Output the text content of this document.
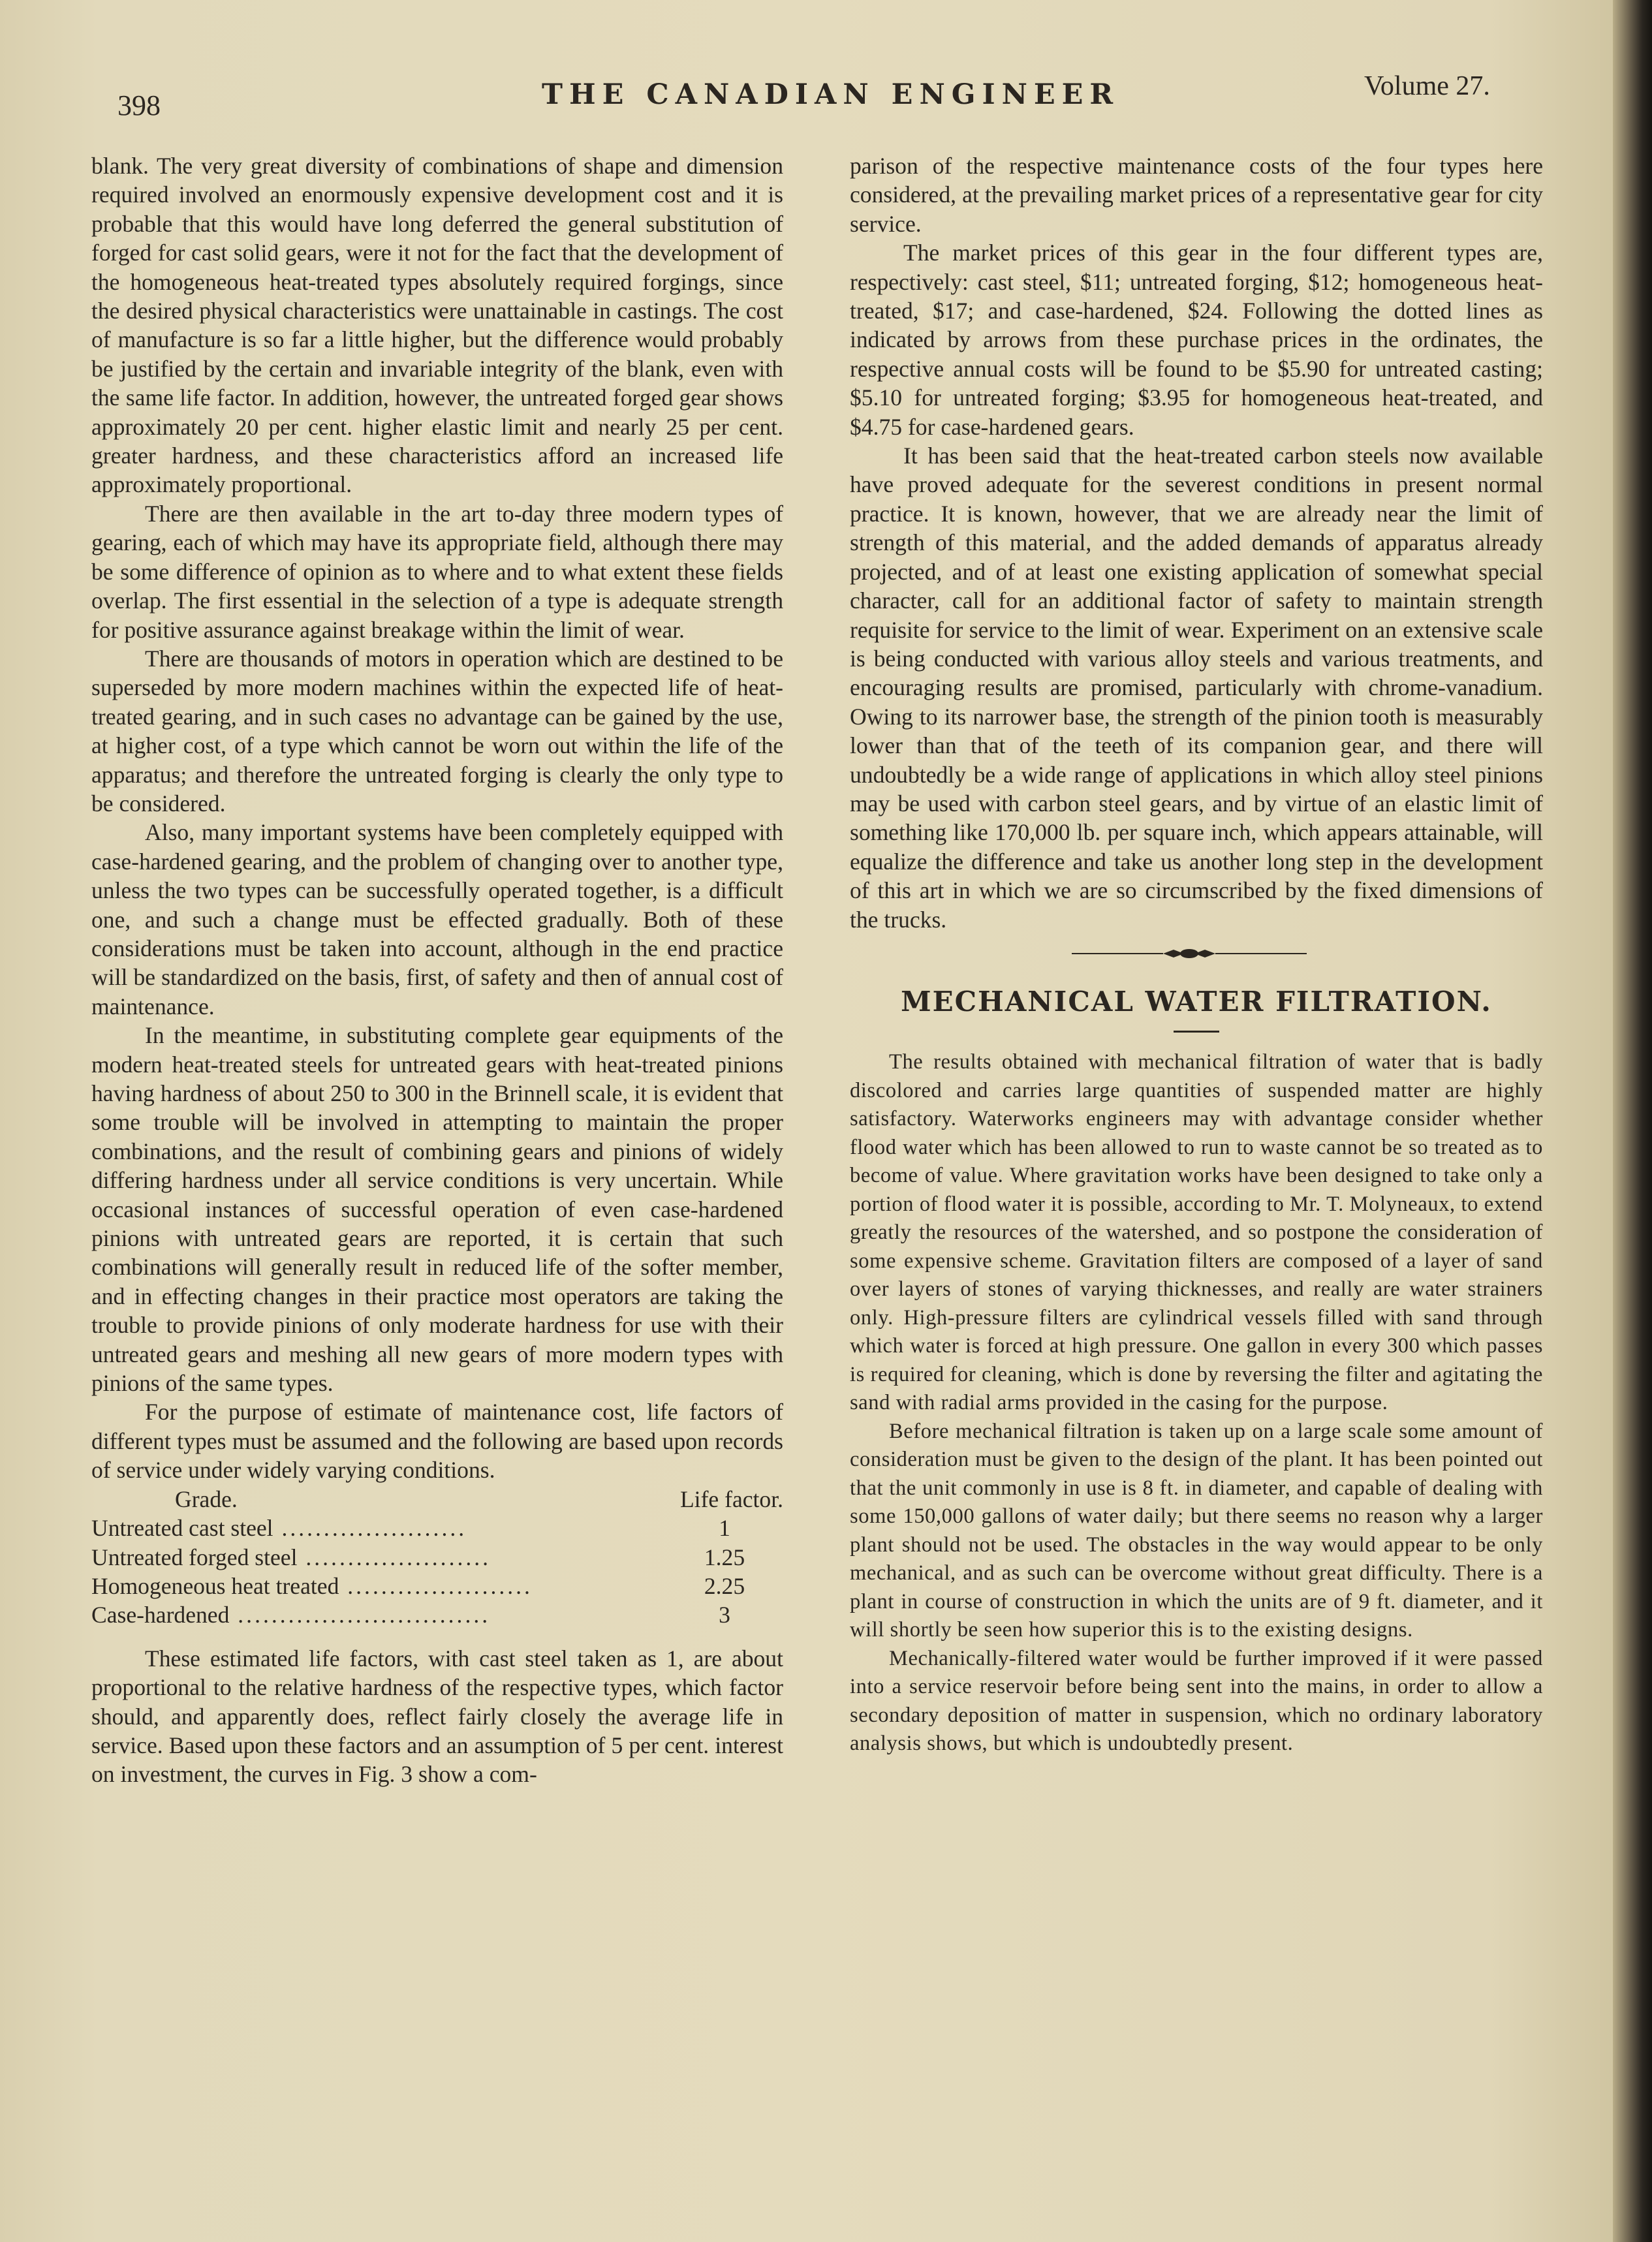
398	THE CANADIAN ENGINEER	Volume 27.

blank. The very great diversity of combinations of shape and dimension required involved an enormously expensive development cost and it is probable that this would have long deferred the general substitution of forged for cast solid gears, were it not for the fact that the development of the homogeneous heat-treated types absolutely required forgings, since the desired physical characteristics were unattainable in castings. The cost of manufacture is so far a little higher, but the difference would probably be justified by the certain and invariable integrity of the blank, even with the same life factor. In addition, however, the untreated forged gear shows approximately 20 per cent. higher elastic limit and nearly 25 per cent. greater hardness, and these characteristics afford an increased life approximately proportional.

There are then available in the art to-day three modern types of gearing, each of which may have its appropriate field, although there may be some difference of opinion as to where and to what extent these fields overlap. The first essential in the selection of a type is adequate strength for positive assurance against breakage within the limit of wear.

There are thousands of motors in operation which are destined to be superseded by more modern machines within the expected life of heat-treated gearing, and in such cases no advantage can be gained by the use, at higher cost, of a type which cannot be worn out within the life of the apparatus; and therefore the untreated forging is clearly the only type to be considered.

Also, many important systems have been completely equipped with case-hardened gearing, and the problem of changing over to another type, unless the two types can be successfully operated together, is a difficult one, and such a change must be effected gradually. Both of these considerations must be taken into account, although in the end practice will be standardized on the basis, first, of safety and then of annual cost of maintenance.

In the meantime, in substituting complete gear equipments of the modern heat-treated steels for untreated gears with heat-treated pinions having hardness of about 250 to 300 in the Brinnell scale, it is evident that some trouble will be involved in attempting to maintain the proper combinations, and the result of combining gears and pinions of widely differing hardness under all service conditions is very uncertain. While occasional instances of successful operation of even case-hardened pinions with untreated gears are reported, it is certain that such combinations will generally result in reduced life of the softer member, and in effecting changes in their practice most operators are taking the trouble to provide pinions of only moderate hardness for use with their untreated gears and meshing all new gears of more modern types with pinions of the same types.

For the purpose of estimate of maintenance cost, life factors of different types must be assumed and the following are based upon records of service under widely varying conditions.

Grade.	Life factor.
Untreated cast steel ......................	1
Untreated forged steel ......................	1.25
Homogeneous heat treated ......................	2.25
Case-hardened ..............................	3

These estimated life factors, with cast steel taken as 1, are about proportional to the relative hardness of the respective types, which factor should, and apparently does, reflect fairly closely the average life in service. Based upon these factors and an assumption of 5 per cent. interest on investment, the curves in Fig. 3 show a com-

parison of the respective maintenance costs of the four types here considered, at the prevailing market prices of a representative gear for city service.

The market prices of this gear in the four different types are, respectively: cast steel, $11; untreated forging, $12; homogeneous heat-treated, $17; and case-hardened, $24. Following the dotted lines as indicated by arrows from these purchase prices in the ordinates, the respective annual costs will be found to be $5.90 for untreated casting; $5.10 for untreated forging; $3.95 for homogeneous heat-treated, and $4.75 for case-hardened gears.

It has been said that the heat-treated carbon steels now available have proved adequate for the severest conditions in present normal practice. It is known, however, that we are already near the limit of strength of this material, and the added demands of apparatus already projected, and of at least one existing application of somewhat special character, call for an additional factor of safety to maintain strength requisite for service to the limit of wear. Experiment on an extensive scale is being conducted with various alloy steels and various treatments, and encouraging results are promised, particularly with chrome-vanadium. Owing to its narrower base, the strength of the pinion tooth is measurably lower than that of the teeth of its companion gear, and there will undoubtedly be a wide range of applications in which alloy steel pinions may be used with carbon steel gears, and by virtue of an elastic limit of something like 170,000 lb. per square inch, which appears attainable, will equalize the difference and take us another long step in the development of this art in which we are so circumscribed by the fixed dimensions of the trucks.

MECHANICAL WATER FILTRATION.

The results obtained with mechanical filtration of water that is badly discolored and carries large quantities of suspended matter are highly satisfactory. Waterworks engineers may with advantage consider whether flood water which has been allowed to run to waste cannot be so treated as to become of value. Where gravitation works have been designed to take only a portion of flood water it is possible, according to Mr. T. Molyneaux, to extend greatly the resources of the watershed, and so postpone the consideration of some expensive scheme. Gravitation filters are composed of a layer of sand over layers of stones of varying thicknesses, and really are water strainers only. High-pressure filters are cylindrical vessels filled with sand through which water is forced at high pressure. One gallon in every 300 which passes is required for cleaning, which is done by reversing the filter and agitating the sand with radial arms provided in the casing for the purpose.

Before mechanical filtration is taken up on a large scale some amount of consideration must be given to the design of the plant. It has been pointed out that the unit commonly in use is 8 ft. in diameter, and capable of dealing with some 150,000 gallons of water daily; but there seems no reason why a larger plant should not be used. The obstacles in the way would appear to be only mechanical, and as such can be overcome without great difficulty. There is a plant in course of construction in which the units are of 9 ft. diameter, and it will shortly be seen how superior this is to the existing designs.

Mechanically-filtered water would be further improved if it were passed into a service reservoir before being sent into the mains, in order to allow a secondary deposition of matter in suspension, which no ordinary laboratory analysis shows, but which is undoubtedly present.
